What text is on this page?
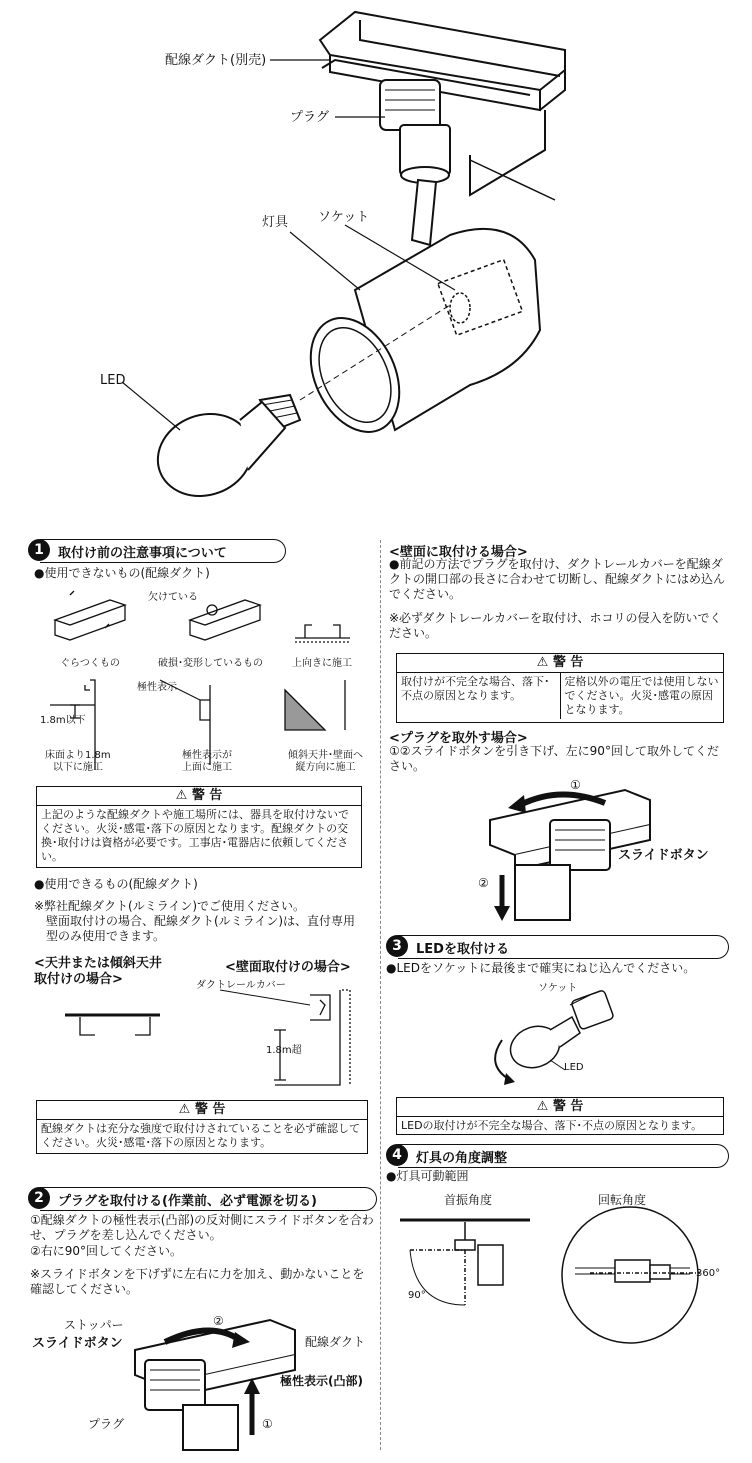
配線ダクト(別売)
プラグ
ソケット
灯具
LED
1	取付け前の注意事項について
●使用できないもの(配線ダクト)
欠けている
極性表示
1.8m以下
ぐらつくもの	破損･変形しているもの	上向きに施工
床面より1.8m
以下に施工
極性表示が
上面に施工
傾斜天井･壁面へ
縦方向に施工
⚠ 警 告
上記のような配線ダクトや施工場所には、器具を取付けないでください。火災･感電･落下の原因となります。配線ダクトの交換･取付けは資格が必要です。工事店･電器店に依頼してください。
●使用できるもの(配線ダクト)
※弊社配線ダクト(ルミライン)でご使用ください。
壁面取付けの場合、配線ダクト(ルミライン)は、直付専用型のみ使用できます。
<天井または傾斜天井
取付けの場合>
<壁面取付けの場合>
ダクトレールカバー
1.8m超
⚠ 警 告
配線ダクトは充分な強度で取付けされていることを必ず確認してください。火災･感電･落下の原因となります。
2	プラグを取付ける(作業前、必ず電源を切る)
①配線ダクトの極性表示(凸部)の反対側にスライドボタンを合わせ、プラグを差し込んでください。
②右に90°回してください。
※スライドボタンを下げずに左右に力を加え、動かないことを確認してください。
ストッパー
スライドボタン	配線ダクト
極性表示(凸部)
プラグ
②
①
<壁面に取付ける場合>
●前記の方法でプラグを取付け、ダクトレールカバーを配線ダクトの開口部の長さに合わせて切断し、配線ダクトにはめ込んでください。
※必ずダクトレールカバーを取付け、ホコリの侵入を防いでください。
⚠ 警 告
取付けが不完全な場合、落下･不点の原因となります。
定格以外の電圧では使用しないでください。火災･感電の原因となります。
<プラグを取外す場合>
①②スライドボタンを引き下げ、左に90°回して取外してください。
①
②
スライドボタン
3	LEDを取付ける
●LEDをソケットに最後まで確実にねじ込んでください。
ソケット
LED
⚠ 警 告
LEDの取付けが不完全な場合、落下･不点の原因となります。
4	灯具の角度調整
●灯具可動範囲
首振角度	回転角度
90°
360°
